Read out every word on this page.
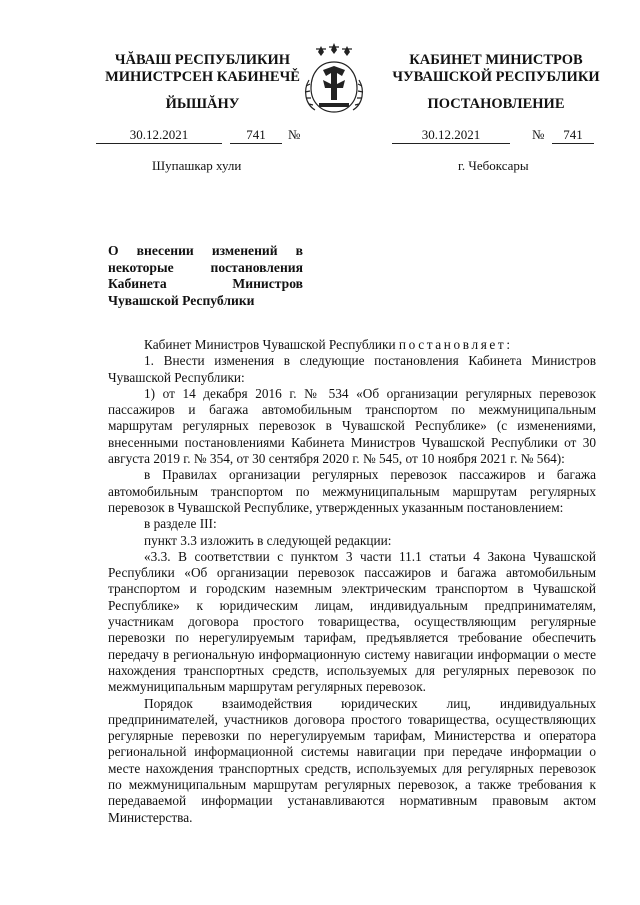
ЧĂВАШ РЕСПУБЛИКИН
МИНИСТРСЕН КАБИНЕЧĚ
ЙЫШĂНУ
КАБИНЕТ МИНИСТРОВ
ЧУВАШСКОЙ РЕСПУБЛИКИ
ПОСТАНОВЛЕНИЕ
30.12.2021	741	№	30.12.2021	№	741
Шупашкар хули	г. Чебоксары
О внесении изменений в некоторые постановления Кабинета Министров Чувашской Республики

Кабинет Министров Чувашской Республики постановляет:

1. Внести изменения в следующие постановления Кабинета Министров Чувашской Республики:

1) от 14 декабря 2016 г. № 534 «Об организации регулярных перевозок пассажиров и багажа автомобильным транспортом по межмуниципальным маршрутам регулярных перевозок в Чувашской Республике» (с изменениями, внесенными постановлениями Кабинета Министров Чувашской Республики от 30 августа 2019 г. № 354, от 30 сентября 2020 г. № 545, от 10 ноября 2021 г. № 564):

в Правилах организации регулярных перевозок пассажиров и багажа автомобильным транспортом по межмуниципальным маршрутам регулярных перевозок в Чувашской Республике, утвержденных указанным постановлением:

в разделе III:

пункт 3.3 изложить в следующей редакции:

«3.3. В соответствии с пунктом 3 части 11.1 статьи 4 Закона Чувашской Республики «Об организации перевозок пассажиров и багажа автомобильным транспортом и городским наземным электрическим транспортом в Чувашской Республике» к юридическим лицам, индивидуальным предпринимателям, участникам договора простого товарищества, осуществляющим регулярные перевозки по нерегулируемым тарифам, предъявляется требование обеспечить передачу в региональную информационную систему навигации информации о месте нахождения транспортных средств, используемых для регулярных перевозок по межмуниципальным маршрутам регулярных перевозок.

Порядок взаимодействия юридических лиц, индивидуальных предпринимателей, участников договора простого товарищества, осуществляющих регулярные перевозки по нерегулируемым тарифам, Министерства и оператора региональной информационной системы навигации при передаче информации о месте нахождения транспортных средств, используемых для регулярных перевозок по межмуниципальным маршрутам регулярных перевозок, а также требования к передаваемой информации устанавливаются нормативным правовым актом Министерства.
